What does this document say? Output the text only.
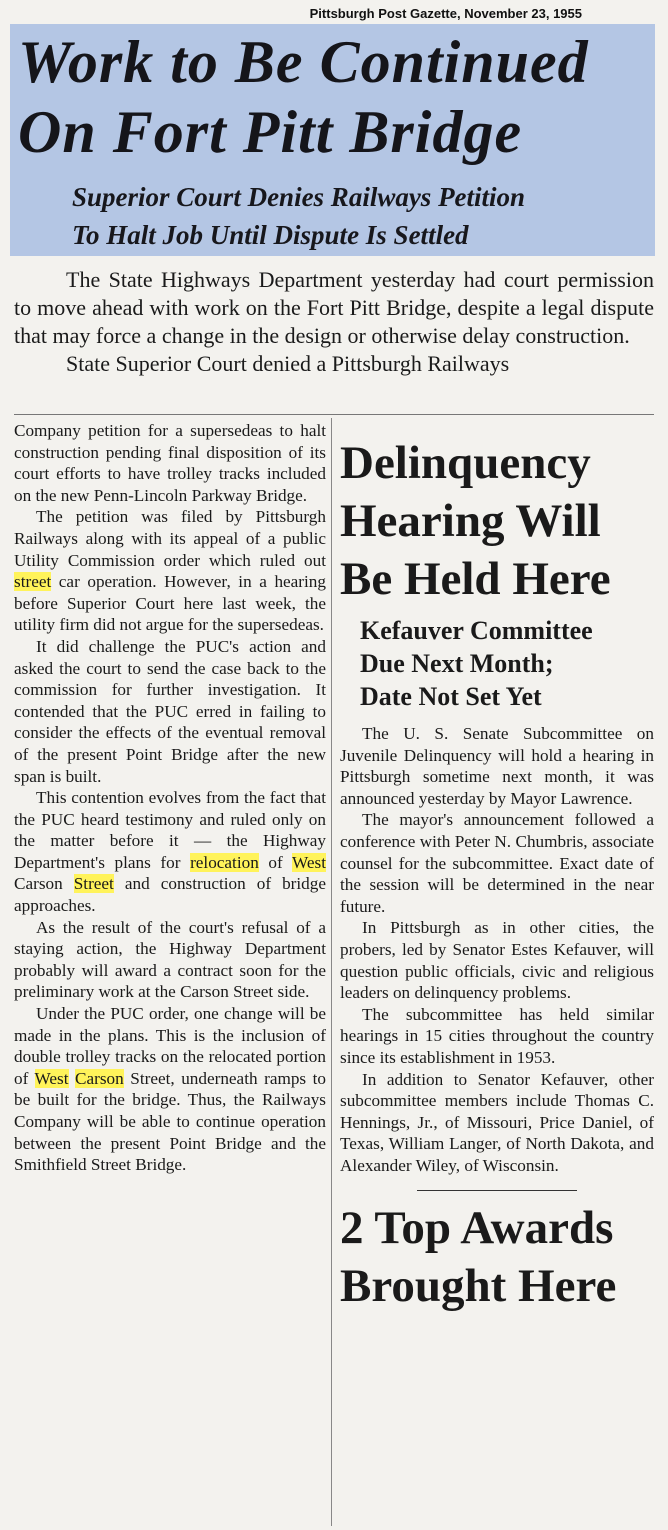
Pittsburgh Post Gazette, November 23, 1955
Work to Be Continued
On Fort Pitt Bridge
Superior Court Denies Railways Petition
To Halt Job Until Dispute Is Settled

The State Highways Department yesterday had court permission to move ahead with work on the Fort Pitt Bridge, despite a legal dispute that may force a change in the design or otherwise delay construction.

State Superior Court denied a Pittsburgh Railways

Company petition for a supersedeas to halt construction pending final disposition of its court efforts to have trolley tracks included on the new Penn-Lincoln Parkway Bridge.

The petition was filed by Pittsburgh Railways along with its appeal of a public Utility Commission order which ruled out street car operation. However, in a hearing before Superior Court here last week, the utility firm did not argue for the supersedeas.

It did challenge the PUC's action and asked the court to send the case back to the commission for further investigation. It contended that the PUC erred in failing to consider the effects of the eventual removal of the present Point Bridge after the new span is built.

This contention evolves from the fact that the PUC heard testimony and ruled only on the matter before it — the Highway Department's plans for relocation of West Carson Street and construction of bridge approaches.

As the result of the court's refusal of a staying action, the Highway Department probably will award a contract soon for the preliminary work at the Carson Street side.

Under the PUC order, one change will be made in the plans. This is the inclusion of double trolley tracks on the relocated portion of West Carson Street, underneath ramps to be built for the bridge. Thus, the Railways Company will be able to continue operation between the present Point Bridge and the Smithfield Street Bridge.

Delinquency
Hearing Will
Be Held Here
Kefauver Committee
Due Next Month;
Date Not Set Yet

The U. S. Senate Subcommittee on Juvenile Delinquency will hold a hearing in Pittsburgh sometime next month, it was announced yesterday by Mayor Lawrence.

The mayor's announcement followed a conference with Peter N. Chumbris, associate counsel for the subcommittee. Exact date of the session will be determined in the near future.

In Pittsburgh as in other cities, the probers, led by Senator Estes Kefauver, will question public officials, civic and religious leaders on delinquency problems.

The subcommittee has held similar hearings in 15 cities throughout the country since its establishment in 1953.

In addition to Senator Kefauver, other subcommittee members include Thomas C. Hennings, Jr., of Missouri, Price Daniel, of Texas, William Langer, of North Dakota, and Alexander Wiley, of Wisconsin.

2 Top Awards
Brought Here
